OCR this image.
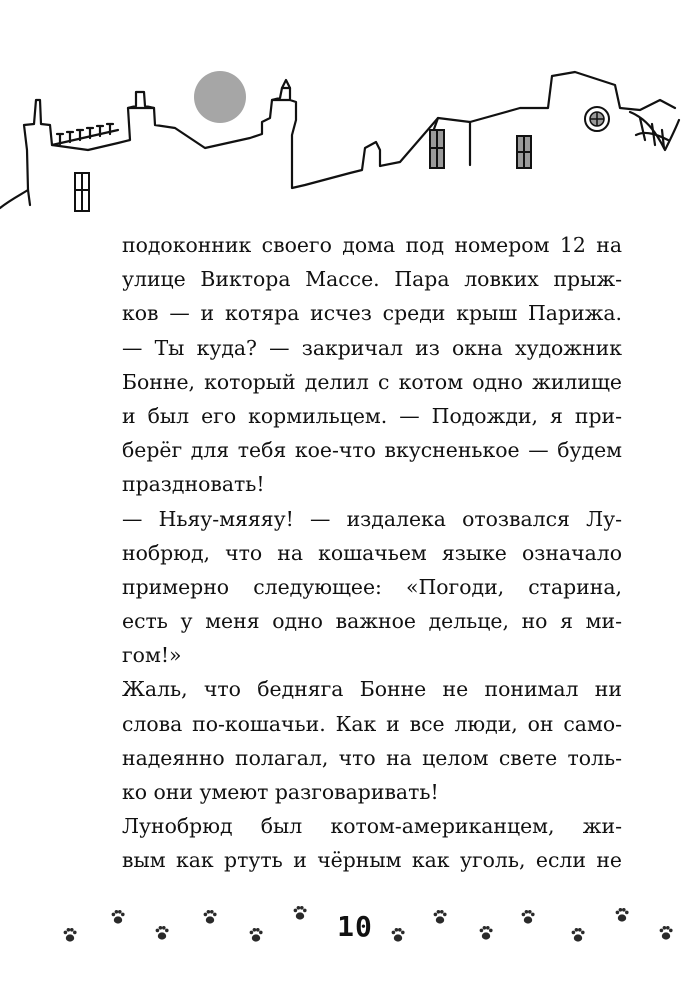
подоконник своего дома под номером 12 на
улице Виктора Массе. Пара ловких прыж-
ков — и котяра исчез среди крыш Парижа.
— Ты куда? — закричал из окна художник
Бонне, который делил с котом одно жилище
и был его кормильцем. — Подожди, я при-
берёг для тебя кое-что вкусненькое — будем
праздновать!
— Ньяу-мяяяу! — издалека отозвался Лу-
нобрюд, что на кошачьем языке означало
примерно следующее: «Погоди, старина,
есть у меня одно важное дельце, но я ми-
гом!»
Жаль, что бедняга Бонне не понимал ни
слова по-кошачьи. Как и все люди, он само-
надеянно полагал, что на целом свете толь-
ко они умеют разговаривать!
Лунобрюд был котом-американцем, жи-
вым как ртуть и чёрным как уголь, если не
10
